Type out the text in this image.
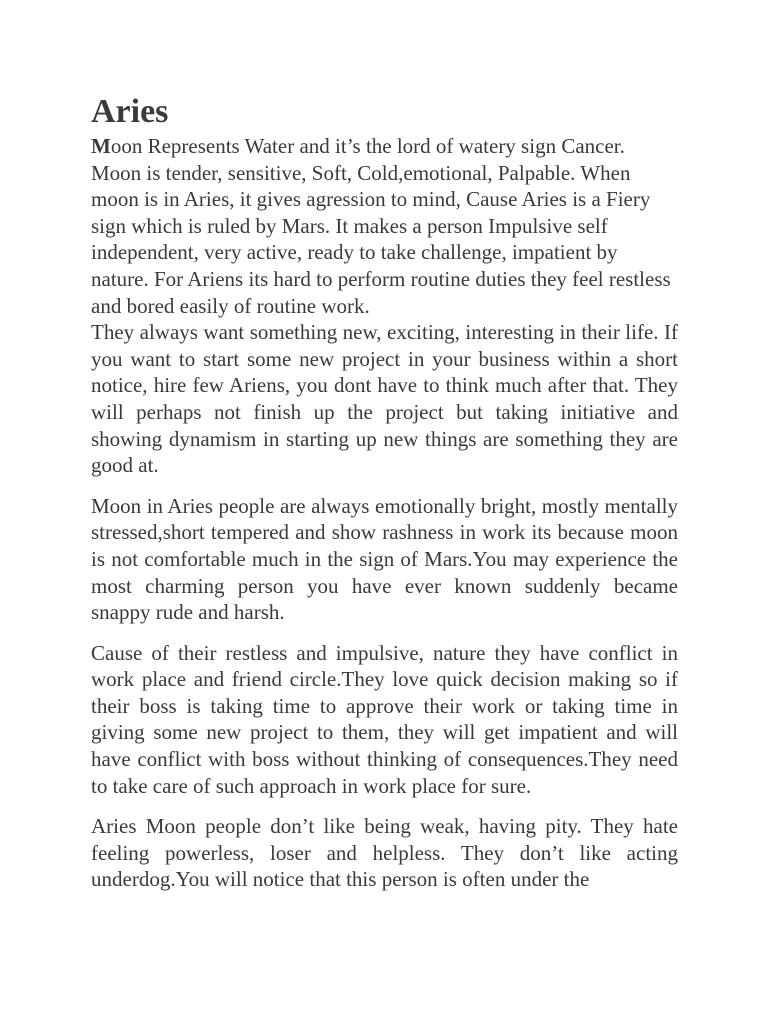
Aries

Moon Represents Water and it’s the lord of watery sign Cancer. Moon is tender, sensitive, Soft, Cold,emotional, Palpable. When moon is in Aries, it gives agression to mind, Cause Aries is a Fiery sign which is ruled by Mars. It makes a person Impulsive self independent, very active, ready to take challenge, impatient by nature. For Ariens its hard to perform routine duties they feel restless and bored easily of routine work.

They always want something new, exciting, interesting in their life. If you want to start some new project in your business within a short notice, hire few Ariens, you dont have to think much after that. They will perhaps not finish up the project but taking initiative and showing dynamism in starting up new things are something they are good at.

Moon in Aries people are always emotionally bright, mostly mentally stressed,short tempered and show rashness in work its because moon is not comfortable much in the sign of Mars.You may experience the most charming person you have ever known suddenly became snappy rude and harsh.

Cause of their restless and impulsive, nature they have conflict in work place and friend circle.They love quick decision making so if their boss is taking time to approve their work or taking time in giving some new project to them, they will get impatient and will have conflict with boss without thinking of consequences.They need to take care of such approach in work place for sure.

Aries Moon people don’t like being weak, having pity. They hate feeling powerless, loser and helpless. They don’t like acting underdog.You will notice that this person is often under the
